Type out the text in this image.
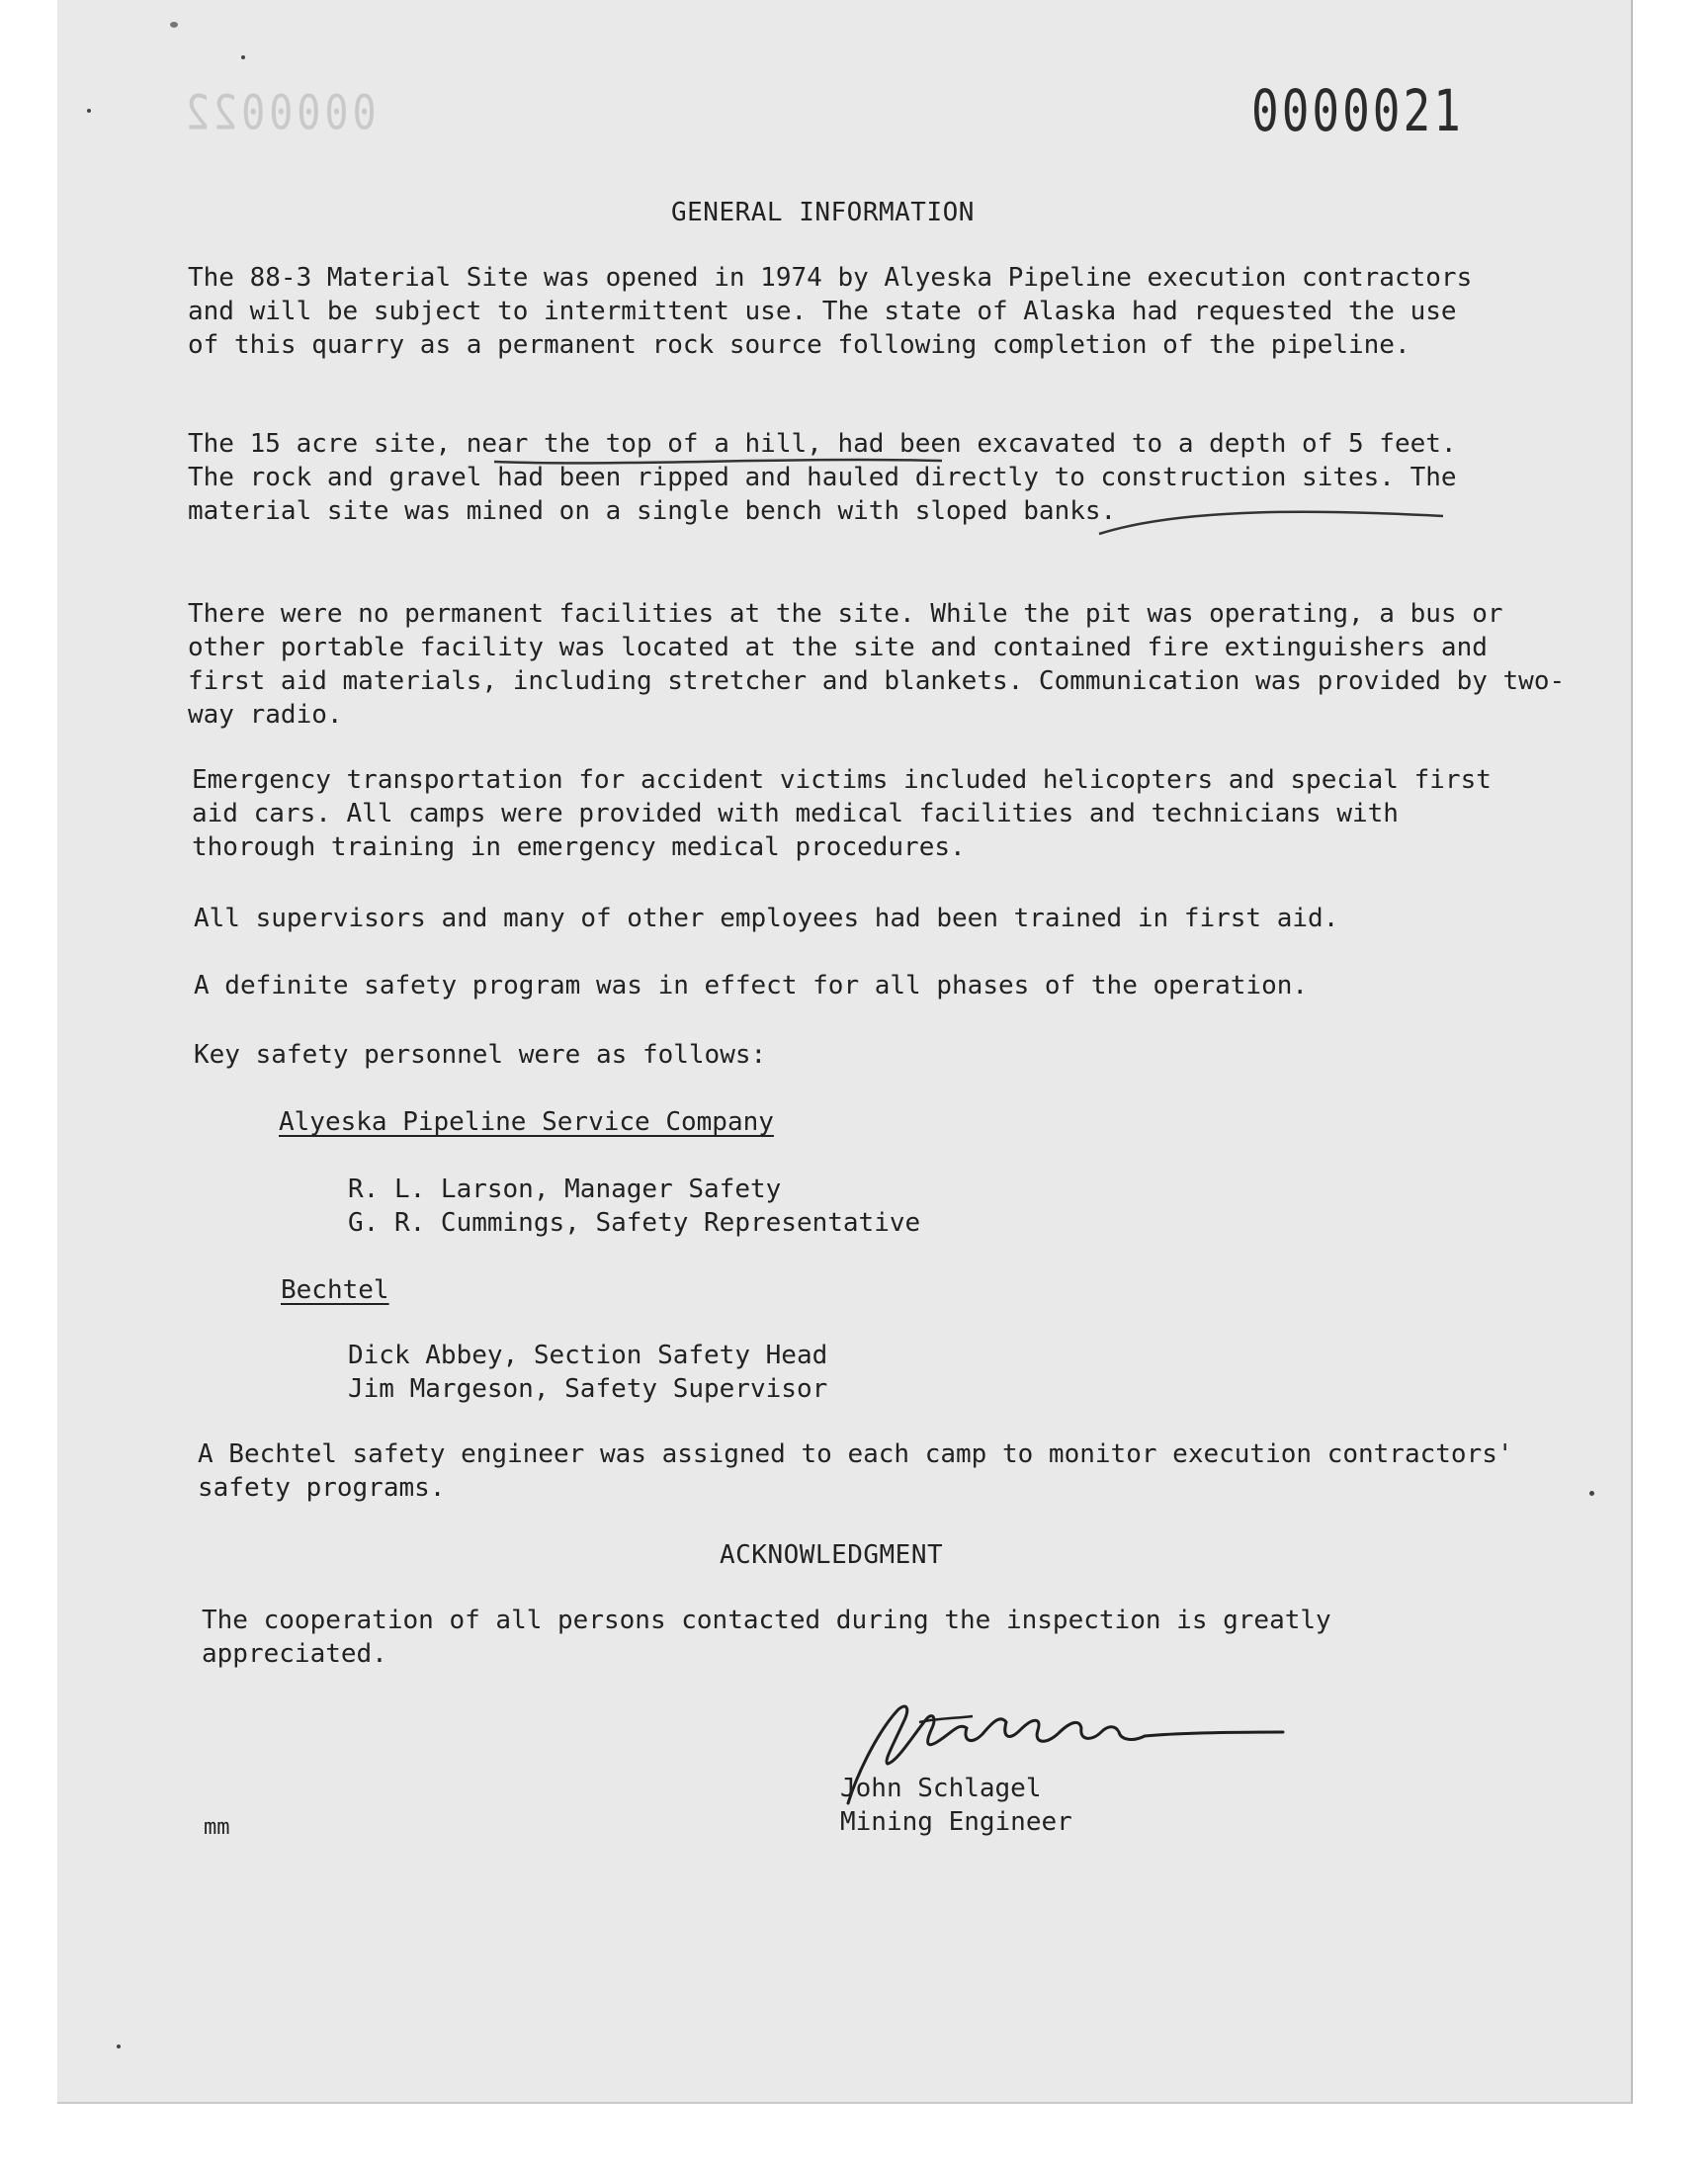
0000022	0000021

GENERAL INFORMATION

The 88-3 Material Site was opened in 1974 by Alyeska Pipeline execution contractors and will be subject to intermittent use. The state of Alaska had requested the use of this quarry as a permanent rock source following completion of the pipeline.

The 15 acre site, near the top of a hill, had been excavated to a depth of 5 feet. The rock and gravel had been ripped and hauled directly to construction sites. The material site was mined on a single bench with sloped banks.

There were no permanent facilities at the site. While the pit was operating, a bus or other portable facility was located at the site and contained fire extinguishers and first aid materials, including stretcher and blankets. Communication was provided by two-way radio.

Emergency transportation for accident victims included helicopters and special first aid cars. All camps were provided with medical facilities and technicians with thorough training in emergency medical procedures.

All supervisors and many of other employees had been trained in first aid.

A definite safety program was in effect for all phases of the operation.

Key safety personnel were as follows:

Alyeska Pipeline Service Company

R. L. Larson, Manager Safety

G. R. Cummings, Safety Representative

Bechtel

Dick Abbey, Section Safety Head

Jim Margeson, Safety Supervisor

A Bechtel safety engineer was assigned to each camp to monitor execution contractors' safety programs.

ACKNOWLEDGMENT

The cooperation of all persons contacted during the inspection is greatly appreciated.

John Schlagel

Mining Engineer

mm
